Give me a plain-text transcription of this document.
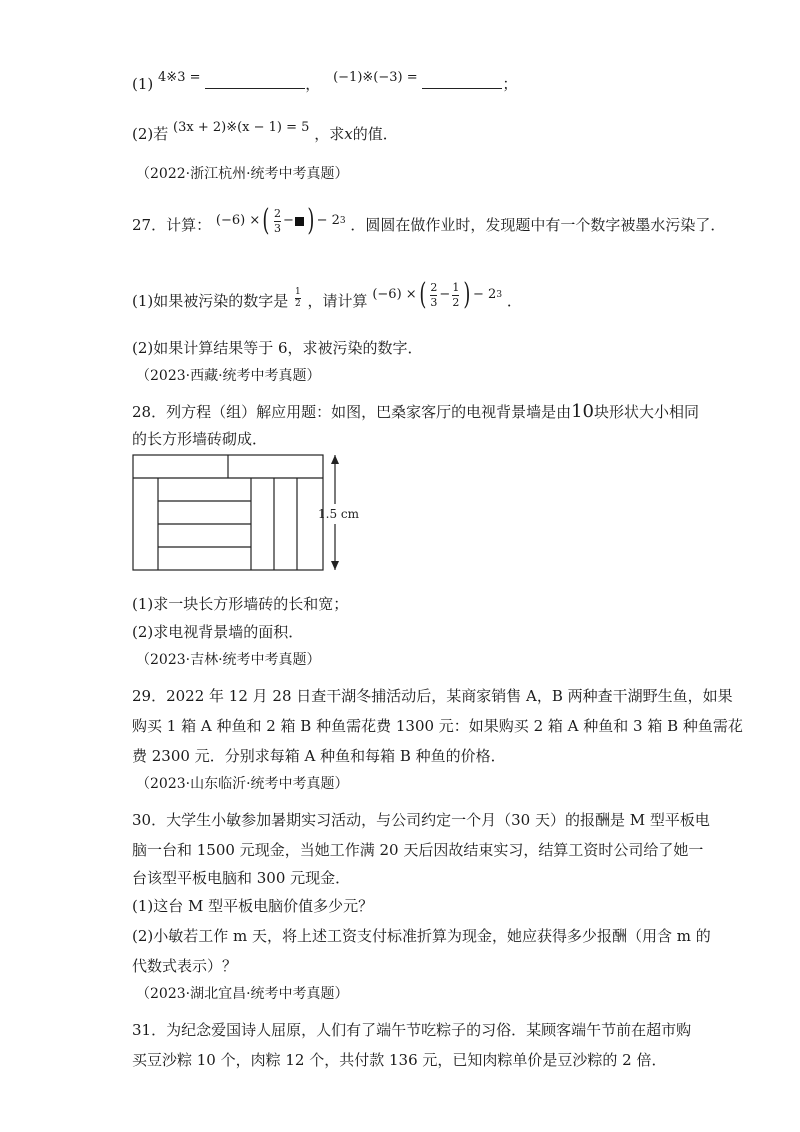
(1) 4※3 =	， (−1)※(−3) =	；
(2)若 (3x + 2)※(x − 1) = 5 ，求x的值．
（2022·浙江杭州·统考中考真题）
27．计算： (−6) × ( $\frac{2}{3}$ − ) − 2 3 ．圆圆在做作业时，发现题中有一个数字被墨水污染了．
(1)如果被污染的数字是 $\frac{1}{2}$ ，请计算 (−6) × ( $\frac{2}{3} - \frac{1}{2}$ ) − 2 3 ．
(2)如果计算结果等于 6，求被污染的数字．
（2023·西藏·统考中考真题）
28．列方程（组）解应用题：如图，巴桑家客厅的电视背景墙是由10块形状大小相同
的长方形墙砖砌成．
1.5 cm
(1)求一块长方形墙砖的长和宽；
(2)求电视背景墙的面积．
（2023·吉林·统考中考真题）
29．2022 年 12 月 28 日查干湖冬捕活动后，某商家销售 A，B 两种查干湖野生鱼，如果
购买 1 箱 A 种鱼和 2 箱 B 种鱼需花费 1300 元：如果购买 2 箱 A 种鱼和 3 箱 B 种鱼需花
费 2300 元．分别求每箱 A 种鱼和每箱 B 种鱼的价格．
（2023·山东临沂·统考中考真题）
30．大学生小敏参加暑期实习活动，与公司约定一个月（30 天）的报酬是 M 型平板电
脑一台和 1500 元现金，当她工作满 20 天后因故结束实习，结算工资时公司给了她一
台该型平板电脑和 300 元现金．
(1)这台 M 型平板电脑价值多少元？
(2)小敏若工作 m 天，将上述工资支付标准折算为现金，她应获得多少报酬（用含 m 的
代数式表示）？
（2023·湖北宜昌·统考中考真题）
31．为纪念爱国诗人屈原，人们有了端午节吃粽子的习俗．某顾客端午节前在超市购
买豆沙粽 10 个，肉粽 12 个，共付款 136 元，已知肉粽单价是豆沙粽的 2 倍．
